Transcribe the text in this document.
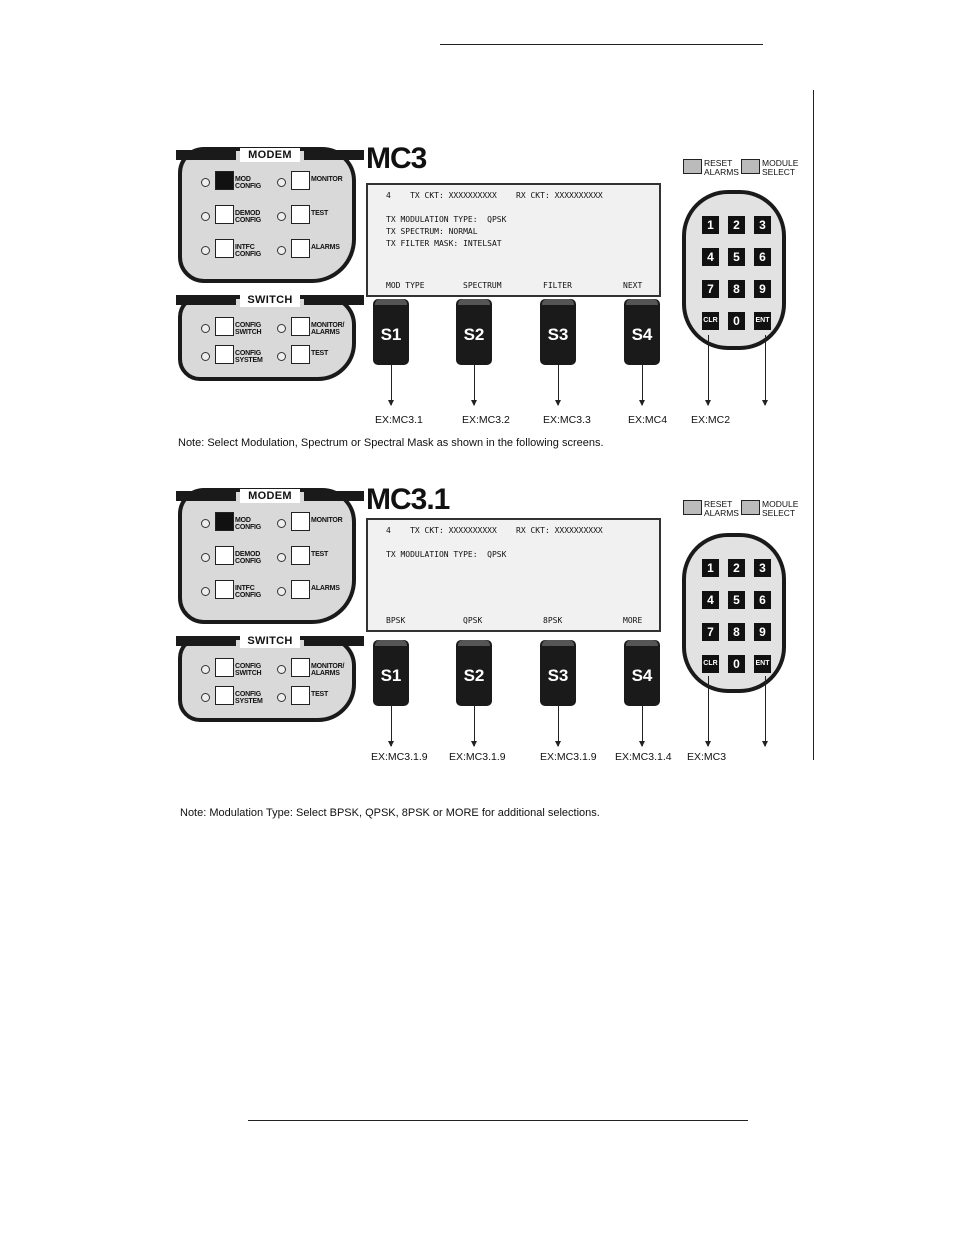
MODEM
MOD
CONFIG
MONITOR
DEMOD
CONFIG
TEST
INTFC
CONFIG
ALARMS
SWITCH
CONFIG
SWITCH
MONITOR/
ALARMS
CONFIG
SYSTEM
TEST
MC3
4    TX CKT: XXXXXXXXXX    RX CKT: XXXXXXXXXX
TX MODULATION TYPE:  QPSK
TX SPECTRUM: NORMAL
TX FILTER MASK: INTELSAT
MOD TYPE	SPECTRUM	FILTER	NEXT
S1	S2	S3	S4
EX:MC3.1	EX:MC3.2	EX:MC3.3	EX:MC4
RESET
ALARMS
MODULE
SELECT
1	2	3
4	5	6
7	8	9
CLR	0	ENT
EX:MC2
MODEM
MOD
CONFIG
MONITOR
DEMOD
CONFIG
TEST
INTFC
CONFIG
ALARMS
SWITCH
CONFIG
SWITCH
MONITOR/
ALARMS
CONFIG
SYSTEM
TEST
MC3.1
4    TX CKT: XXXXXXXXXX    RX CKT: XXXXXXXXXX
TX MODULATION TYPE:  QPSK
BPSK	QPSK	8PSK	MORE
S1	S2	S3	S4
EX:MC3.1.9 EX:MC3.1.9	EX:MC3.1.9 EX:MC3.1.4
RESET
ALARMS
MODULE
SELECT
1	2	3
4	5	6
7	8	9
CLR	0	ENT
EX:MC3
Note: Select Modulation, Spectrum or Spectral Mask as shown in the following screens.
Note: Modulation Type: Select BPSK, QPSK, 8PSK or MORE for additional selections.
